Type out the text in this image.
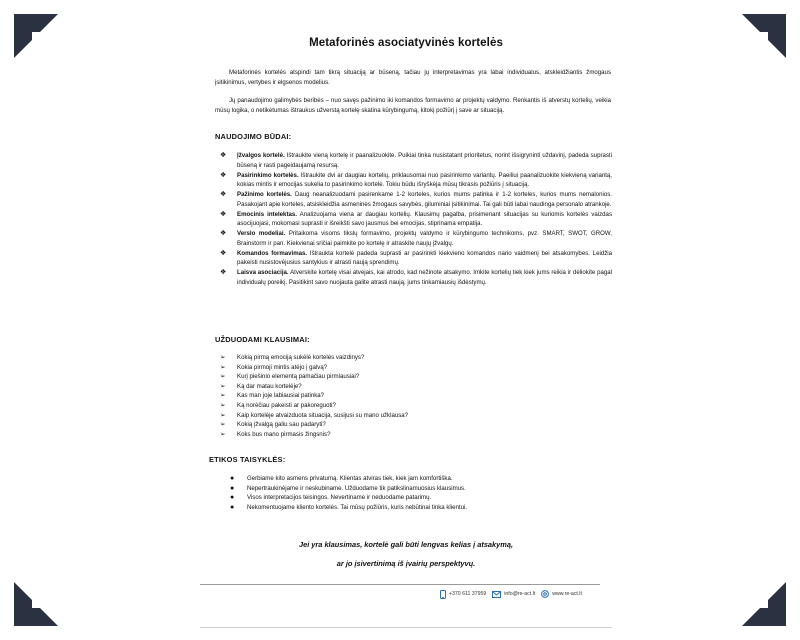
Metaforinės asociatyvinės kortelės

Metaforinės kortelės atspindi tam tikrą situaciją ar būseną, tačiau jų interpretavimas yra labai individualus, atskleidžiantis žmogaus įsitikinimus, vertybes ir elgsenos modelius.

Jų panaudojimo galimybės beribės – nuo savęs pažinimo iki komandos formavimo ar projektų valdymo. Renkantis iš atverstų kortelių, veikia mūsų logika, o netikėtumas ištraukus užverstą kortelę skatina kūrybingumą, kitokį požiūrį į save ar situaciją.

NAUDOJIMO BŪDAI:
❖ Įžvalgos kortelė. Ištraukite vieną kortelę ir paanalizuokite. Puikiai tinka nusistatant prioritetus, norint išsigryninti uždavinį, padeda suprasti būseną ir rasti pageidaujamą resursą.
❖ Pasirinkimo kortelės. Ištraukite dvi ar daugiau kortelių, priklausomai nuo pasirinkimo variantų. Paeiliui paanalizuokite kiekvieną variantą, kokias mintis ir emocijas sukelia to pasirinkimo kortelė. Tokiu būdu išryškėja mūsų tikrasis požiūris į situaciją.
❖ Pažinimo kortelės. Daug neanalizuodami pasirenkame 1-2 korteles, kurios mums patinka ir 1-2 korteles, kurios mums nemalonios. Pasakojant apie korteles, atsiskleidžia asmeninės žmogaus savybės, giluminiai įsitikinimai. Tai gali būti labai naudinga personalo atrankoje.
❖ Emocinis intelektas. Analizuojama viena ar daugiau kortelių. Klausimų pagalba, prisimenant situacijas su kuriomis kortelės vaizdas asocijuojasi, mokomasi suprasti ir išreikšti savo jausmus bei emocijas, stiprinama empatija.
❖ Verslo modeliai. Pritaikoma visoms tikslų formavimo, projektų valdymo ir kūrybingumo technikoms, pvz. SMART, SWOT, GROW, Brainstorm ir pan. Kiekvienai sričiai paimkite po kortelę ir atraskite naujų įžvalgų.
❖ Komandos formavimas. Ištraukta kortelė padeda suprasti ar pasirinkti kiekvieno komandos nario vaidmenį bei atsakomybes. Leidžia pakeisti nusistovėjusius santykius ir atrasti naują sprendimų.
❖ Laisva asociacija. Atverskite kortelę visai atvejais, kai atrodo, kad nežinote atsakymo. Imkite kortelių tiek kiek jums reikia ir dėliokite pagal individualų poreikį. Pasitikint savo nuojauta galite atrasti naują, jums tinkamiausių išdėstymų.
UŽDUODAMI KLAUSIMAI:
➢ Kokią pirmą emociją sukėlė kortelės vaizdinys?
➢ Kokia pirmoji mintis atėjo į galvą?
➢ Kurį piešinio elementą pamačiau pirmiausiai?
➢ Ką dar matau kortelėje?
➢ Kas man joje labiausiai patinka?
➢ Ką norėčiau pakeisti ar pakoreguoti?
➢ Kaip kortelėje atvaizduota situacija, susijusi su mano užklausa?
➢ Kokią įžvalgą galiu sau padaryti?
➢ Koks bus mano pirmasis žingsnis?
ETIKOS TAISYKLĖS:
● Gerbiame kito asmens privatumą. Klientas atviras tiek, kiek jam komfortiška.
● Nepertraukinėjame ir neskubiname. Užduodame tik patikslinamuosius klausimus.
● Visos interpretacijos teisingos. Nevertiname ir neduodame patarimų.
● Nekomentuojame kliento kortelės. Tai mūsų požiūris, kuris nebūtinai tinka klientui.
Jei yra klausimas, kortelė gali būti lengvas kelias į atsakymą,
ar jo įsivertinimą iš įvairių perspektyvų.
+370 611 37959	info@re-act.lt	www.re-act.lt
